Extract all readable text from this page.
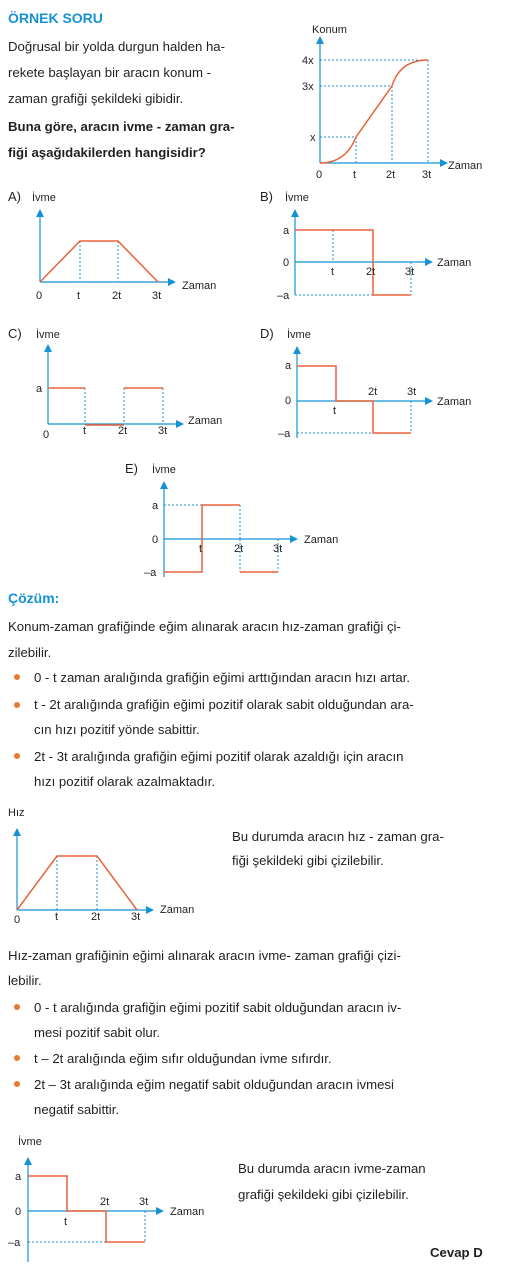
ÖRNEK SORU
Doğrusal bir yolda durgun halden ha-
rekete başlayan bir aracın konum -
zaman grafiği şekildeki gibidir.
Buna göre, aracın ivme - zaman gra-
fiği aşağıdakilerden hangisidir?
Konum
4x
3x
x
0	t	2t 3t
Zaman
A) İvme
0	t	2t	3t
Zaman
B) İvme
a
0
–a
t	2t	3t
Zaman
C) İvme
a
0	t	2t	3t
Zaman
D) İvme
a
0
–a
t
2t	3t
Zaman
E) İvme
a
0
–a
t	2t	3t
Zaman
Çözüm:
Konum-zaman grafiğinde eğim alınarak aracın hız-zaman grafiği çi-
zilebilir.
0 - t zaman aralığında grafiğin eğimi arttığından aracın hızı artar.
t - 2t aralığında grafiğin eğimi pozitif olarak sabit olduğundan ara-
cın hızı pozitif yönde sabittir.
2t - 3t aralığında grafiğin eğimi pozitif olarak azaldığı için aracın
hızı pozitif olarak azalmaktadır.
Hız
0	t	2t	3t
Zaman
Bu durumda aracın hız - zaman gra-
fiği şekildeki gibi çizilebilir.
Hız-zaman grafiğinin eğimi alınarak aracın ivme- zaman grafiği çizi-
lebilir.
0 - t aralığında grafiğin eğimi pozitif sabit olduğundan aracın iv-
mesi pozitif sabit olur.
t – 2t aralığında eğim sıfır olduğundan ivme sıfırdır.
2t – 3t aralığında eğim negatif sabit olduğundan aracın ivmesi
negatif sabittir.
İvme
a
0
–a
t
2t	3t
Zaman
Bu durumda aracın ivme-zaman
grafiği şekildeki gibi çizilebilir.
Cevap D
